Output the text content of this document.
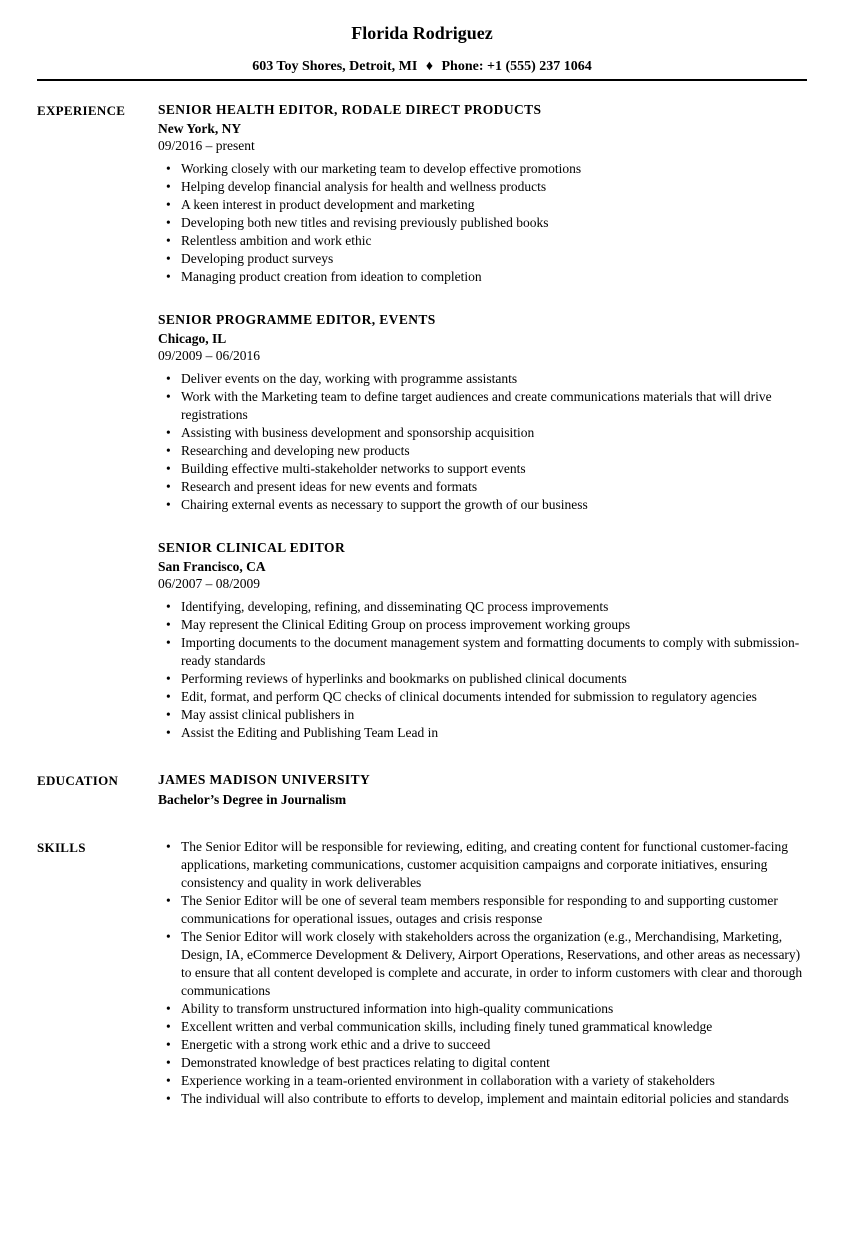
Florida Rodriguez
603 Toy Shores, Detroit, MI ♦ Phone: +1 (555) 237 1064
EXPERIENCE	SENIOR HEALTH EDITOR, RODALE DIRECT PRODUCTS
New York, NY
09/2016 – present
• Working closely with our marketing team to develop effective promotions
• Helping develop financial analysis for health and wellness products
• A keen interest in product development and marketing
• Developing both new titles and revising previously published books
• Relentless ambition and work ethic
• Developing product surveys
• Managing product creation from ideation to completion
SENIOR PROGRAMME EDITOR, EVENTS
Chicago, IL
09/2009 – 06/2016
• Deliver events on the day, working with programme assistants
• Work with the Marketing team to define target audiences and create communications materials that will drive registrations
• Assisting with business development and sponsorship acquisition
• Researching and developing new products
• Building effective multi-stakeholder networks to support events
• Research and present ideas for new events and formats
• Chairing external events as necessary to support the growth of our business
SENIOR CLINICAL EDITOR
San Francisco, CA
06/2007 – 08/2009
• Identifying, developing, refining, and disseminating QC process improvements
• May represent the Clinical Editing Group on process improvement working groups
• Importing documents to the document management system and formatting documents to comply with submission-ready standards
• Performing reviews of hyperlinks and bookmarks on published clinical documents
• Edit, format, and perform QC checks of clinical documents intended for submission to regulatory agencies
• May assist clinical publishers in
• Assist the Editing and Publishing Team Lead in
EDUCATION	JAMES MADISON UNIVERSITY
Bachelor’s Degree in Journalism
SKILLS	• The Senior Editor will be responsible for reviewing, editing, and creating content for functional customer-facing applications, marketing communications, customer acquisition campaigns and corporate initiatives, ensuring consistency and quality in work deliverables
• The Senior Editor will be one of several team members responsible for responding to and supporting customer communications for operational issues, outages and crisis response
• The Senior Editor will work closely with stakeholders across the organization (e.g., Merchandising, Marketing, Design, IA, eCommerce Development & Delivery, Airport Operations, Reservations, and other areas as necessary) to ensure that all content developed is complete and accurate, in order to inform customers with clear and thorough communications
• Ability to transform unstructured information into high-quality communications
• Excellent written and verbal communication skills, including finely tuned grammatical knowledge
• Energetic with a strong work ethic and a drive to succeed
• Demonstrated knowledge of best practices relating to digital content
• Experience working in a team-oriented environment in collaboration with a variety of stakeholders
• The individual will also contribute to efforts to develop, implement and maintain editorial policies and standards
